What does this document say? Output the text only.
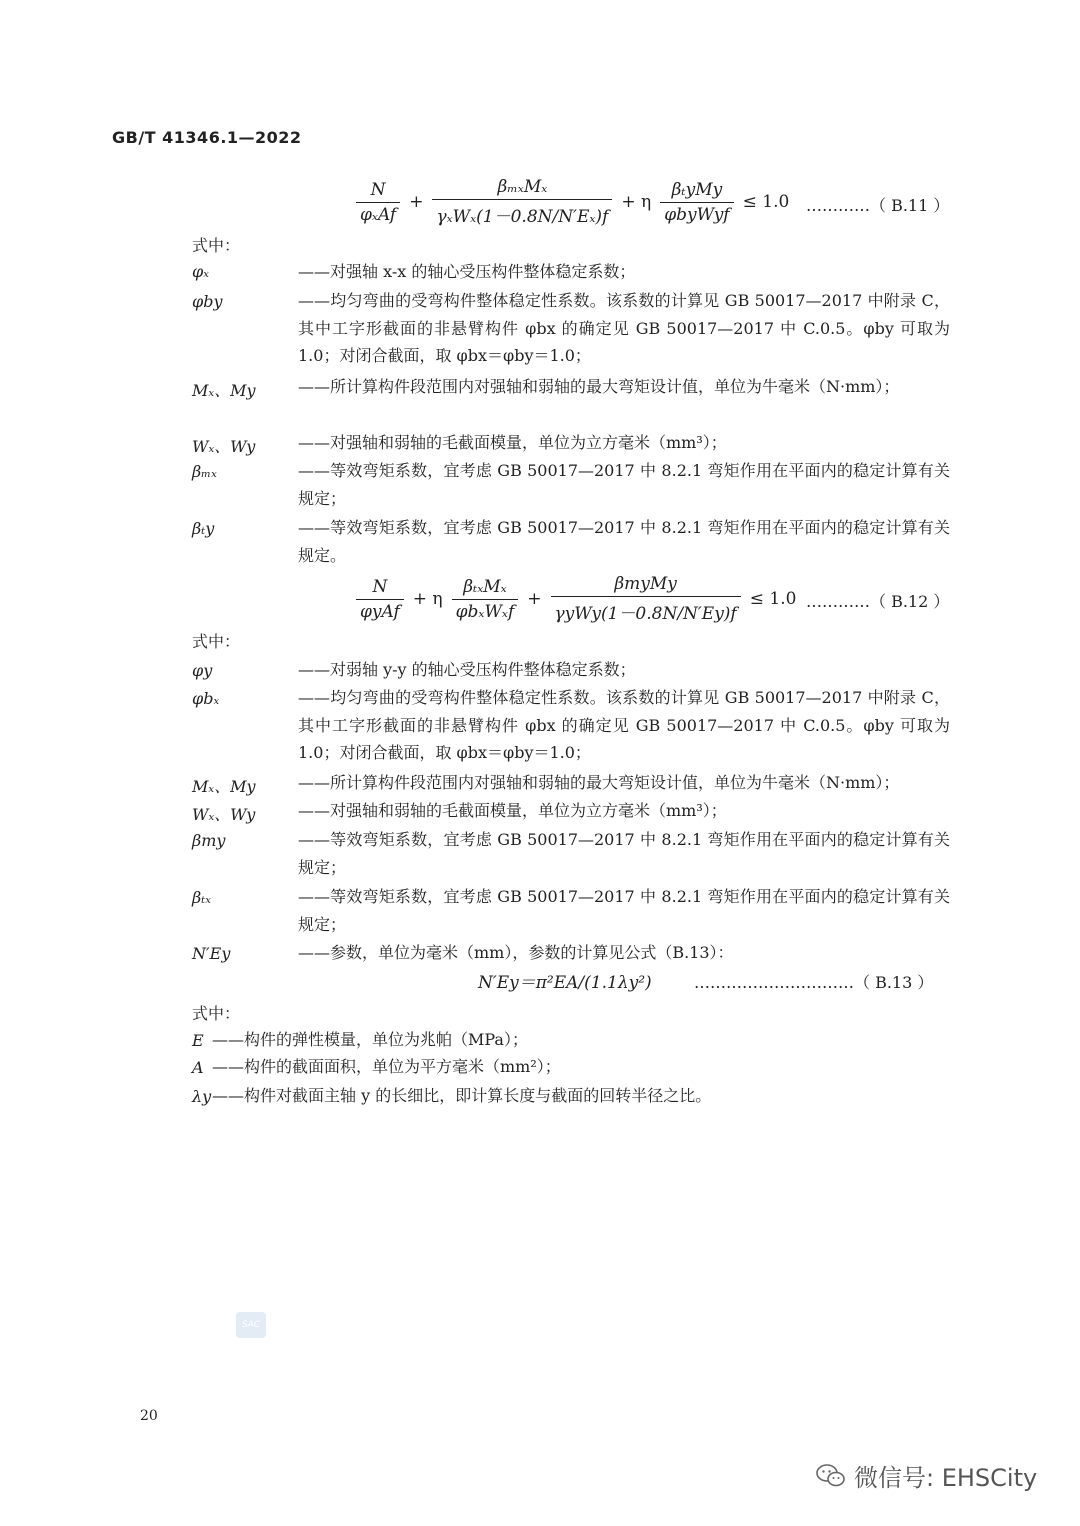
GB/T 41346.1—2022
$\frac{N}{\text{φₓAf}} + \frac{\text{βₘₓMₓ}}{\text{γₓWₓ(1－0.8N/N′Eₓ)f}} + \eta \frac{\text{βₜyMy}}{\text{φbyWyf}} \le 1.0$ …………（ B.11 ）
式中：
φₓ	——对强轴 x-x 的轴心受压构件整体稳定系数；
φby	——均匀弯曲的受弯构件整体稳定性系数。该系数的计算见 GB 50017—2017 中附录 C，其中工字形截面的非悬臂构件 φbx 的确定见 GB 50017—2017 中 C.0.5。φby 可取为 1.0；对闭合截面，取 φbx＝φby＝1.0；
Mₓ、My	——所计算构件段范围内对强轴和弱轴的最大弯矩设计值，单位为牛毫米（N·mm）；
Wₓ、Wy	——对强轴和弱轴的毛截面模量，单位为立方毫米（mm³）；
βₘₓ	——等效弯矩系数，宜考虑 GB 50017—2017 中 8.2.1 弯矩作用在平面内的稳定计算有关规定；
βₜy	——等效弯矩系数，宜考虑 GB 50017—2017 中 8.2.1 弯矩作用在平面内的稳定计算有关规定。
$\frac{N}{\text{φyAf}} + \eta \frac{\text{βₜₓMₓ}}{\text{φbₓWₓf}} + \frac{\text{βmyMy}}{\text{γyWy(1－0.8N/N′Ey)f}} \le 1.0$ …………（ B.12 ）
式中：
φy	——对弱轴 y-y 的轴心受压构件整体稳定系数；
φbₓ	——均匀弯曲的受弯构件整体稳定性系数。该系数的计算见 GB 50017—2017 中附录 C，其中工字形截面的非悬臂构件 φbx 的确定见 GB 50017—2017 中 C.0.5。φby 可取为 1.0；对闭合截面，取 φbx＝φby＝1.0；
Mₓ、My	——所计算构件段范围内对强轴和弱轴的最大弯矩设计值，单位为牛毫米（N·mm）；
Wₓ、Wy	——对强轴和弱轴的毛截面模量，单位为立方毫米（mm³）；
βmy	——等效弯矩系数，宜考虑 GB 50017—2017 中 8.2.1 弯矩作用在平面内的稳定计算有关规定；
βₜₓ	——等效弯矩系数，宜考虑 GB 50017—2017 中 8.2.1 弯矩作用在平面内的稳定计算有关规定；
N′Ey	——参数，单位为毫米（mm），参数的计算见公式（B.13）：
N′Ey＝π²EA/(1.1λy²)	…………………………（ B.13 ）
式中：
E ——构件的弹性模量，单位为兆帕（MPa）；
A ——构件的截面面积，单位为平方毫米（mm²）；
λy ——构件对截面主轴 y 的长细比，即计算长度与截面的回转半径之比。
SAC
20
微信号: EHSCity
